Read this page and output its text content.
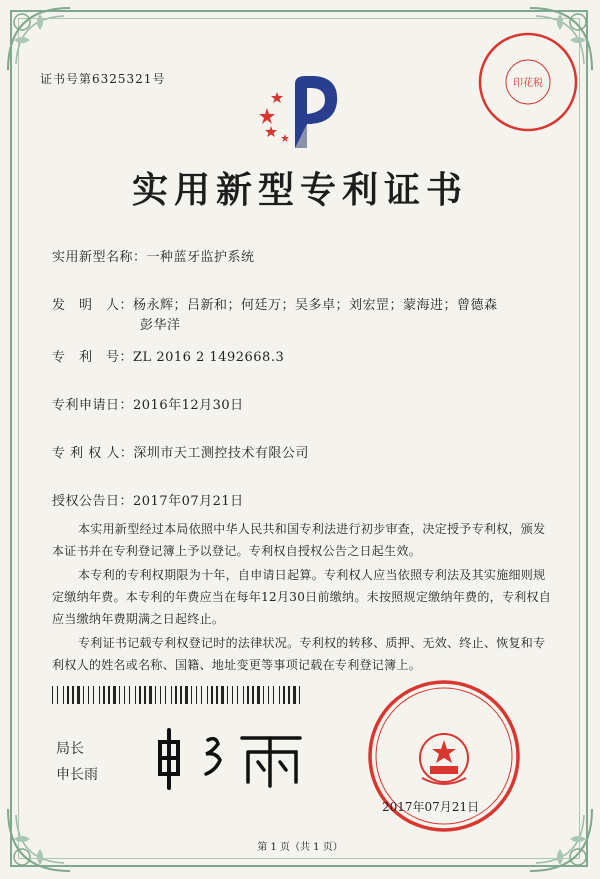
证书号第6325321号	印花税
实用新型专利证书
实用新型名称：一种蓝牙监护系统
发　明　人：杨永辉；吕新和；何廷万；吴多卓；刘宏罡；蒙海进；曾德森
彭华洋
专　利　号：ZL 2016 2 1492668.3
专利申请日：2016年12月30日
专 利 权 人：深圳市天工测控技术有限公司
授权公告日：2017年07月21日
本实用新型经过本局依照中华人民共和国专利法进行初步审查，决定授予专利权，颁发本证书并在专利登记簿上予以登记。专利权自授权公告之日起生效。
本专利的专利权期限为十年，自申请日起算。专利权人应当依照专利法及其实施细则规定缴纳年费。本专利的年费应当在每年12月30日前缴纳。未按照规定缴纳年费的，专利权自应当缴纳年费期满之日起终止。
专利证书记载专利权登记时的法律状况。专利权的转移、质押、无效、终止、恢复和专利权人的姓名或名称、国籍、地址变更等事项记载在专利登记簿上。
局长
申长雨
2017年07月21日
第 1 页（共 1 页）
